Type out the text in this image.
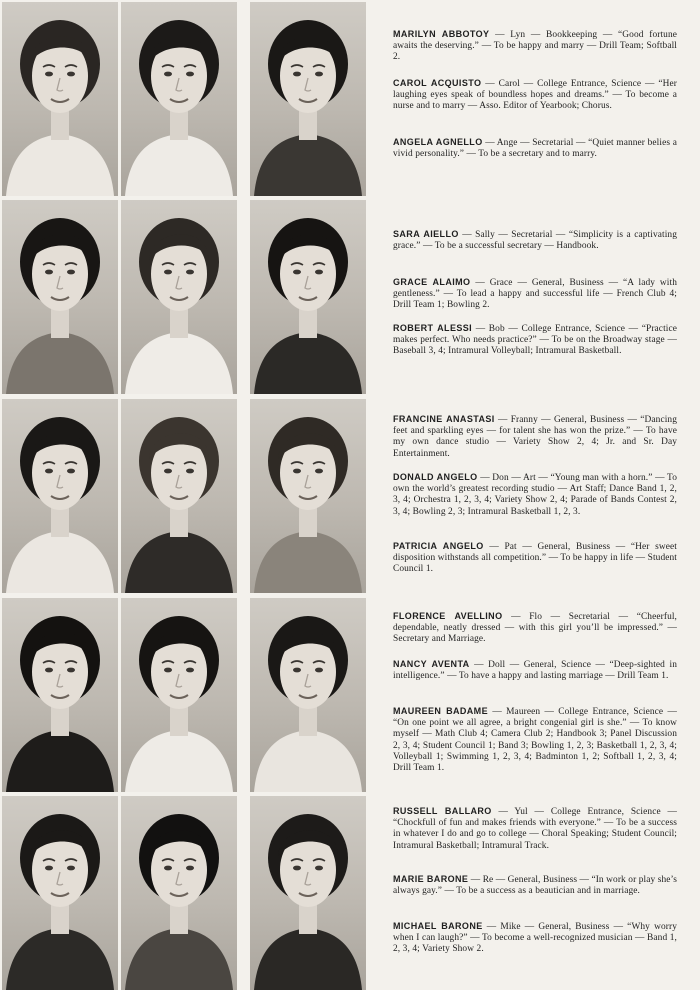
MARILYN ABBOTOY — Lyn — Bookkeeping — “Good fortune awaits the deserving.” — To be happy and marry — Drill Team; Softball 2.

CAROL ACQUISTO — Carol — College Entrance, Science — “Her laughing eyes speak of boundless hopes and dreams.” — To become a nurse and to marry — Asso. Editor of Yearbook; Chorus.

ANGELA AGNELLO — Ange — Secretarial — “Quiet manner belies a vivid personality.” — To be a secretary and to marry.

SARA AIELLO — Sally — Secretarial — “Simplicity is a captivating grace.” — To be a successful secretary — Handbook.

GRACE ALAIMO — Grace — General, Business — “A lady with gentleness.” — To lead a happy and successful life — French Club 4; Drill Team 1; Bowling 2.

ROBERT ALESSI — Bob — College Entrance, Science — “Practice makes perfect. Who needs practice?” — To be on the Broadway stage — Baseball 3, 4; Intramural Volleyball; Intramural Basketball.

FRANCINE ANASTASI — Franny — General, Business — “Dancing feet and sparkling eyes — for talent she has won the prize.” — To have my own dance studio — Variety Show 2, 4; Jr. and Sr. Day Entertainment.

DONALD ANGELO — Don — Art — “Young man with a horn.” — To own the world’s greatest recording studio — Art Staff; Dance Band 1, 2, 3, 4; Orchestra 1, 2, 3, 4; Variety Show 2, 4; Parade of Bands Contest 2, 3, 4; Bowling 2, 3; Intramural Basketball 1, 2, 3.

PATRICIA ANGELO — Pat — General, Business — “Her sweet disposition withstands all competition.” — To be happy in life — Student Council 1.

FLORENCE AVELLINO — Flo — Secretarial — “Cheerful, dependable, neatly dressed — with this girl you’ll be impressed.” — Secretary and Marriage.

NANCY AVENTA — Doll — General, Science — “Deep-sighted in intelligence.” — To have a happy and lasting marriage — Drill Team 1.

MAUREEN BADAME — Maureen — College Entrance, Science — “On one point we all agree, a bright congenial girl is she.” — To know myself — Math Club 4; Camera Club 2; Handbook 3; Panel Discussion 2, 3, 4; Student Council 1; Band 3; Bowling 1, 2, 3; Basketball 1, 2, 3, 4; Volleyball 1; Swimming 1, 2, 3, 4; Badminton 1, 2; Softball 1, 2, 3, 4; Drill Team 1.

RUSSELL BALLARO — Yul — College Entrance, Science — “Chockfull of fun and makes friends with everyone.” — To be a success in whatever I do and go to college — Choral Speaking; Student Council; Intramural Basketball; Intramural Track.

MARIE BARONE — Re — General, Business — “In work or play she’s always gay.” — To be a success as a beautician and in marriage.

MICHAEL BARONE — Mike — General, Business — “Why worry when I can laugh?” — To become a well-recognized musician — Band 1, 2, 3, 4; Variety Show 2.
